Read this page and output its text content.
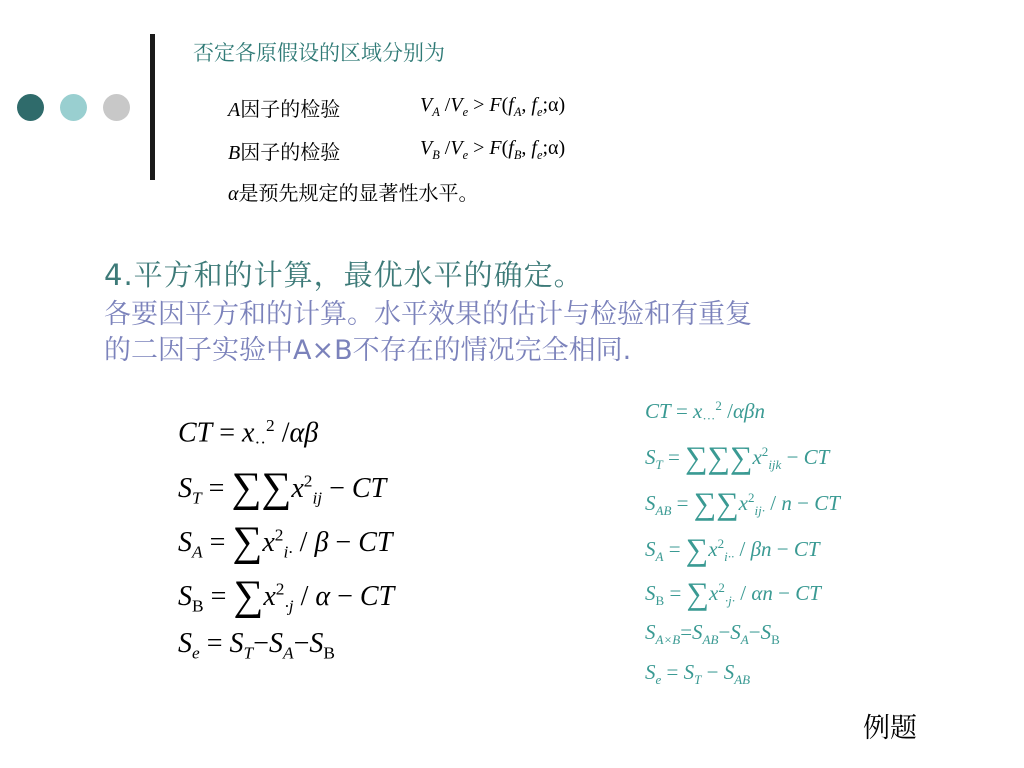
否定各原假设的区域分别为
A因子的检验	$V_A$ $/V_e > F(f_A$, $f_e;\alpha$)
B因子的检验	$V_B$ $/V_e > F(f_B$, $f_e;\alpha$)
α是预先规定的显著性水平。
4.平方和的计算，最优水平的确定。
各要因平方和的计算。水平效果的估计与检验和有重复
的二因子实验中A×B不存在的情况完全相同.
CT = $x_{\cdot\cdot}^2$ /αβ
$S_T = \sum\sum x^2_{ij}$ − CT
$S_A = \sum x^2_{i\cdot} / \beta$ − CT
$S_B = \sum x^2_{\cdot j} / \alpha$ − CT
$S_e = S_T-S_A-S_B$
CT = $x_{\cdot\cdot\cdot}^2$ /αβn
$S_T = \sum\sum\sum x^2_{ijk}$ − CT
$S_{AB} = \sum\sum x^2_{ij\cdot} / n$ − CT
$S_A = \sum x^2_{i\cdot\cdot} / \beta n$ − CT
$S_B = \sum x^2_{\cdot j\cdot} / \alpha n$ − CT
$S_{A\times B}=S_{AB}-S_A-S_B$
$S_e = S_T - S_{AB}$
例题
